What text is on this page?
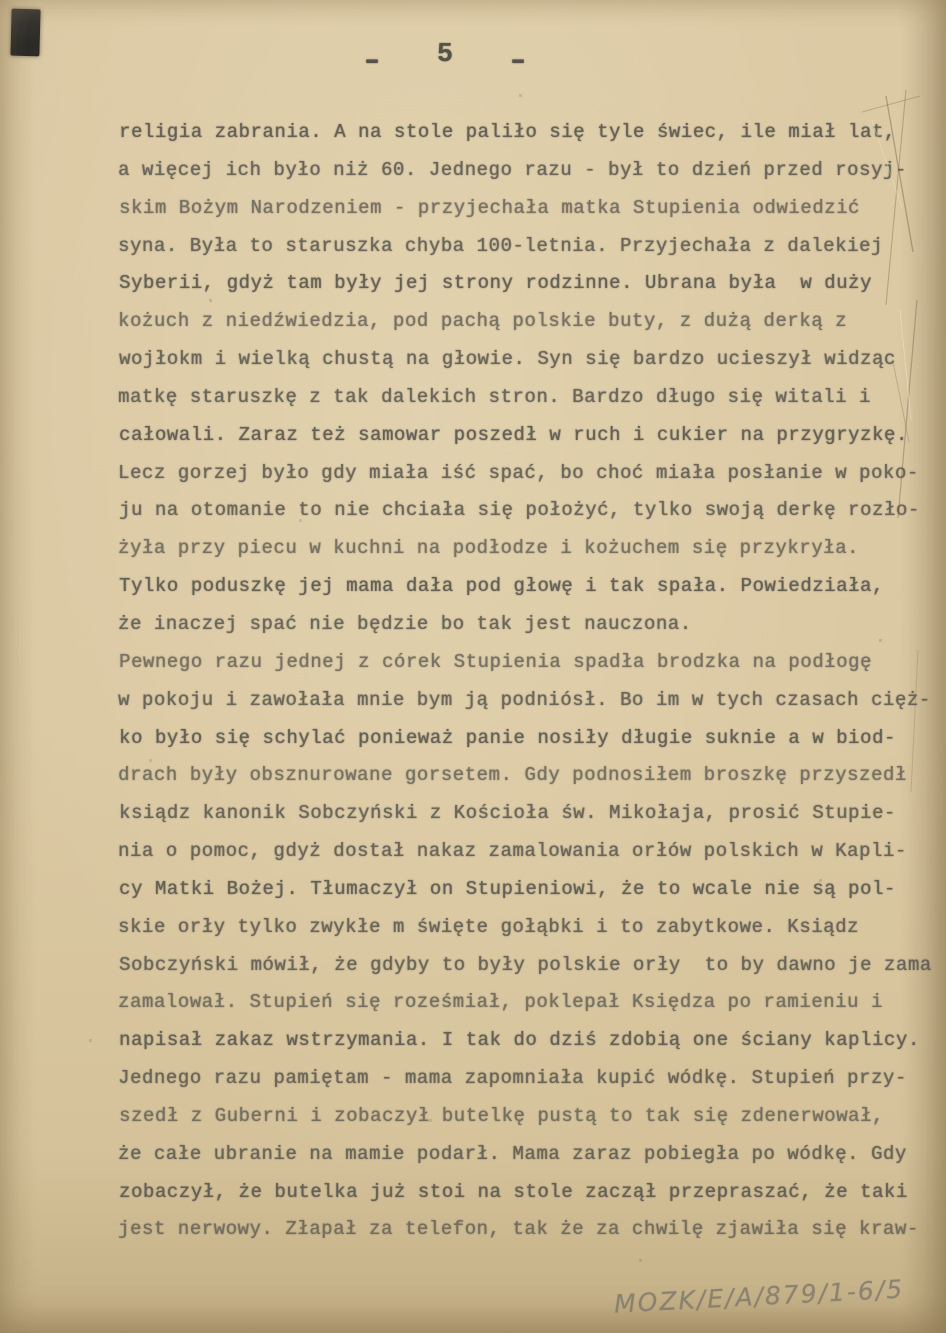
- 5 -
religia zabrania. A na stole paliło się tyle świec, ile miał lat,
a więcej ich było niż 60. Jednego razu - był to dzień przed rosyj-
skim Bożym Narodzeniem - przyjechała matka Stupienia odwiedzić
syna. Była to staruszka chyba 100-letnia. Przyjechała z dalekiej
Syberii, gdyż tam były jej strony rodzinne. Ubrana była  w duży
kożuch z niedźwiedzia, pod pachą polskie buty, z dużą derką z
wojłokm i wielką chustą na głowie. Syn się bardzo ucieszył widząc
matkę staruszkę z tak dalekich stron. Bardzo długo się witali i
całowali. Zaraz też samowar poszedł w ruch i cukier na przygryzkę.
Lecz gorzej było gdy miała iść spać, bo choć miała posłanie w poko-
ju na otomanie to nie chciała się położyć, tylko swoją derkę rozło-
żyła przy piecu w kuchni na podłodze i kożuchem się przykryła.
Tylko poduszkę jej mama dała pod głowę i tak spała. Powiedziała,
że inaczej spać nie będzie bo tak jest nauczona.
Pewnego razu jednej z córek Stupienia spadła brodzka na podłogę
w pokoju i zawołała mnie bym ją podniósł. Bo im w tych czasach cięż-
ko było się schylać ponieważ panie nosiły długie suknie a w biod-
drach były obsznurowane gorsetem. Gdy podnosiłem broszkę przyszedł
ksiądz kanonik Sobczyński z Kościoła św. Mikołaja, prosić Stupie-
nia o pomoc, gdyż dostał nakaz zamalowania orłów polskich w Kapli-
cy Matki Bożej. Tłumaczył on Stupieniowi, że to wcale nie są pol-
skie orły tylko zwykłe m święte gołąbki i to zabytkowe. Ksiądz
Sobczyński mówił, że gdyby to były polskie orły  to by dawno je zama
zamalował. Stupień się roześmiał, poklepał Księdza po ramieniu i
napisał zakaz wstrzymania. I tak do dziś zdobią one ściany kaplicy.
Jednego razu pamiętam - mama zapomniała kupić wódkę. Stupień przy-
szedł z Guberni i zobaczył butelkę pustą to tak się zdenerwował,
że całe ubranie na mamie podarł. Mama zaraz pobiegła po wódkę. Gdy
zobaczył, że butelka już stoi na stole zaczął przepraszać, że taki
jest nerwowy. Złapał za telefon, tak że za chwilę zjawiła się kraw-
MOZK/E/A/879/1-6/5
